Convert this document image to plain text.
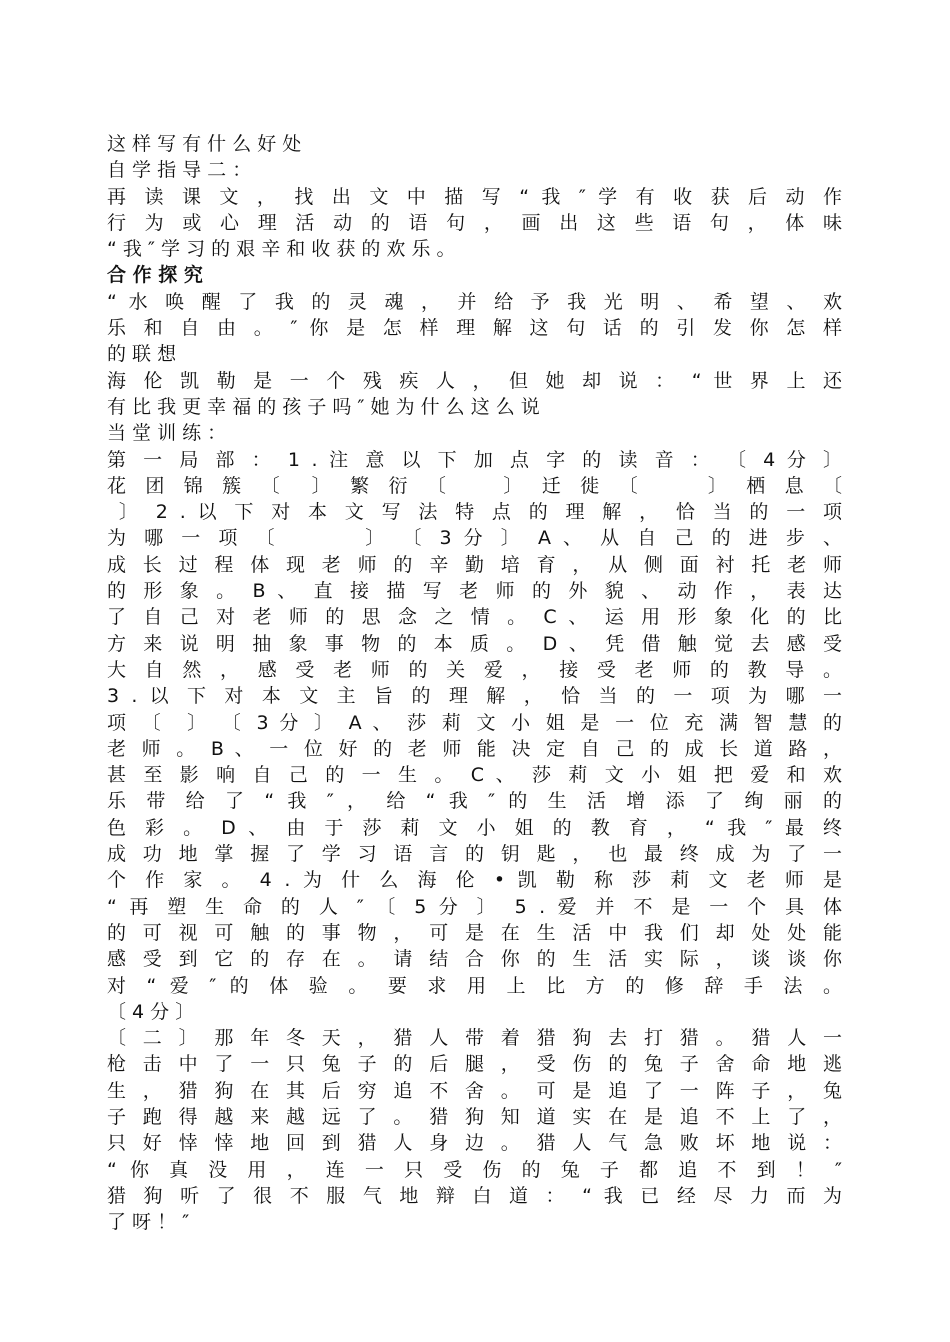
这 样 写 有 什 么 好 处
自 学 指 导 二 ：
再 读 课 文 ， 找 出 文 中 描 写 “ 我 ″ 学 有 收 获 后 动 作
行 为 或 心 理 活 动 的 语 句 ， 画 出 这 些 语 句 ， 体 味
“ 我 ″ 学 习 的 艰 辛 和 收 获 的 欢 乐 。
合 作 探 究
“ 水 唤 醒 了 我 的 灵 魂 ， 并 给 予 我 光 明 、 希 望 、 欢
乐 和 自 由 。 ″ 你 是 怎 样 理 解 这 句 话 的 引 发 你 怎 样
的 联 想
海 伦 凯 勒 是 一 个 残 疾 人 ， 但 她 却 说 ： “ 世 界 上 还
有 比 我 更 幸 福 的 孩 子 吗 ″ 她 为 什 么 这 么 说
当 堂 训 练 ：
第 一 局 部 ： 1 . 注 意 以 下 加 点 字 的 读 音 ： 〔 4 分 〕
花 团 锦 簇 〔  〕 繁 衍 〔    〕 迁 徙 〔     〕 栖 息 〔
〕 2 . 以 下 对 本 文 写 法 特 点 的 理 解 ， 恰 当 的 一 项
为 哪 一 项 〔       〕 〔 3 分 〕 A 、 从 自 己 的 进 步 、
成 长 过 程 体 现 老 师 的 辛 勤 培 育 ， 从 侧 面 衬 托 老 师
的 形 象 。 B 、 直 接 描 写 老 师 的 外 貌 、 动 作 ， 表 达
了 自 己 对 老 师 的 思 念 之 情 。 C 、 运 用 形 象 化 的 比
方 来 说 明 抽 象 事 物 的 本 质 。 D 、 凭 借 触 觉 去 感 受
大 自 然 ， 感 受 老 师 的 关 爱 ， 接 受 老 师 的 教 导 。
3 . 以 下 对 本 文 主 旨 的 理 解 ， 恰 当 的 一 项 为 哪 一
项 〔  〕 〔 3 分 〕 A 、 莎 莉 文 小 姐 是 一 位 充 满 智 慧 的
老 师 。 B 、 一 位 好 的 老 师 能 决 定 自 己 的 成 长 道 路 ，
甚 至 影 响 自 己 的 一 生 。 C 、 莎 莉 文 小 姐 把 爱 和 欢
乐 带 给 了 “ 我 ″ ， 给 “ 我 ″ 的 生 活 增 添 了 绚 丽 的
色 彩 。 D 、 由 于 莎 莉 文 小 姐 的 教 育 ， “ 我 ″ 最 终
成 功 地 掌 握 了 学 习 语 言 的 钥 匙 ， 也 最 终 成 为 了 一
个 作 家 。 4 . 为 什 么 海 伦 • 凯 勒 称 莎 莉 文 老 师 是
“ 再 塑 生 命 的 人 ″ 〔 5 分 〕 5 . 爱 并 不 是 一 个 具 体
的 可 视 可 触 的 事 物 ， 可 是 在 生 活 中 我 们 却 处 处 能
感 受 到 它 的 存 在 。 请 结 合 你 的 生 活 实 际 ， 谈 谈 你
对 “ 爱 ″ 的 体 验 。 要 求 用 上 比 方 的 修 辞 手 法 。
〔 4 分 〕
〔 二 〕 那 年 冬 天 ， 猎 人 带 着 猎 狗 去 打 猎 。 猎 人 一
枪 击 中 了 一 只 兔 子 的 后 腿 ， 受 伤 的 兔 子 舍 命 地 逃
生 ， 猎 狗 在 其 后 穷 追 不 舍 。 可 是 追 了 一 阵 子 ， 兔
子 跑 得 越 来 越 远 了 。 猎 狗 知 道 实 在 是 追 不 上 了 ，
只 好 悻 悻 地 回 到 猎 人 身 边 。 猎 人 气 急 败 坏 地 说 ：
“ 你 真 没 用 ， 连 一 只 受 伤 的 兔 子 都 追 不 到 ！ ″
猎 狗 听 了 很 不 服 气 地 辩 白 道 ： “ 我 已 经 尽 力 而 为
了 呀 ！ ″
